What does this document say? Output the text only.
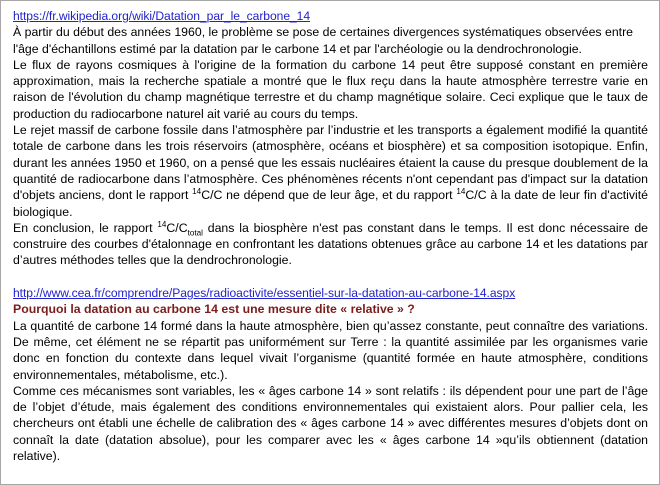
https://fr.wikipedia.org/wiki/Datation_par_le_carbone_14

À partir du début des années 1960, le problème se pose de certaines divergences systématiques observées entre l'âge d'échantillons estimé par la datation par le carbone 14 et par l'archéologie ou la dendrochronologie.

Le flux de rayons cosmiques à l'origine de la formation du carbone 14 peut être supposé constant en première approximation, mais la recherche spatiale a montré que le flux reçu dans la haute atmosphère terrestre varie en raison de l'évolution du champ magnétique terrestre et du champ magnétique solaire. Ceci explique que le taux de production du radiocarbone naturel ait varié au cours du temps.

Le rejet massif de carbone fossile dans l’atmosphère par l’industrie et les transports a également modifié la quantité totale de carbone dans les trois réservoirs (atmosphère, océans et biosphère) et sa composition isotopique. Enfin, durant les années 1950 et 1960, on a pensé que les essais nucléaires étaient la cause du presque doublement de la quantité de radiocarbone dans l’atmosphère. Ces phénomènes récents n'ont cependant pas d'impact sur la datation d'objets anciens, dont le rapport $^{14}$C/C ne dépend que de leur âge, et du rapport $^{14}$C/C à la date de leur fin d'activité biologique.

En conclusion, le rapport $^{14}C/C_{total}$ dans la biosphère n'est pas constant dans le temps. Il est donc nécessaire de construire des courbes d'étalonnage en confrontant les datations obtenues grâce au carbone 14 et les datations par d’autres méthodes telles que la dendrochronologie.

http://www.cea.fr/comprendre/Pages/radioactivite/essentiel-sur-la-datation-au-carbone-14.aspx

Pourquoi la datation au carbone 14 est une mesure dite « relative » ?

La quantité de carbone 14 formé dans la haute atmosphère, bien qu’assez constante, peut connaître des variations. De même, cet élément ne se répartit pas uniformément sur Terre : la quantité assimilée par les organismes varie donc en fonction du contexte dans lequel vivait l’organisme (quantité formée en haute atmosphère, conditions environnementales, métabolisme, etc.).

Comme ces mécanismes sont variables, les « âges carbone 14 » sont relatifs : ils dépendent pour une part de l’âge de l’objet d’étude, mais également des conditions environnementales qui existaient alors. Pour pallier cela, les chercheurs ont établi une échelle de calibration des « âges carbone 14 » avec différentes mesures d’objets dont on connaît la date (datation absolue), pour les comparer avec les « âges carbone 14 »qu’ils obtiennent (datation relative).
